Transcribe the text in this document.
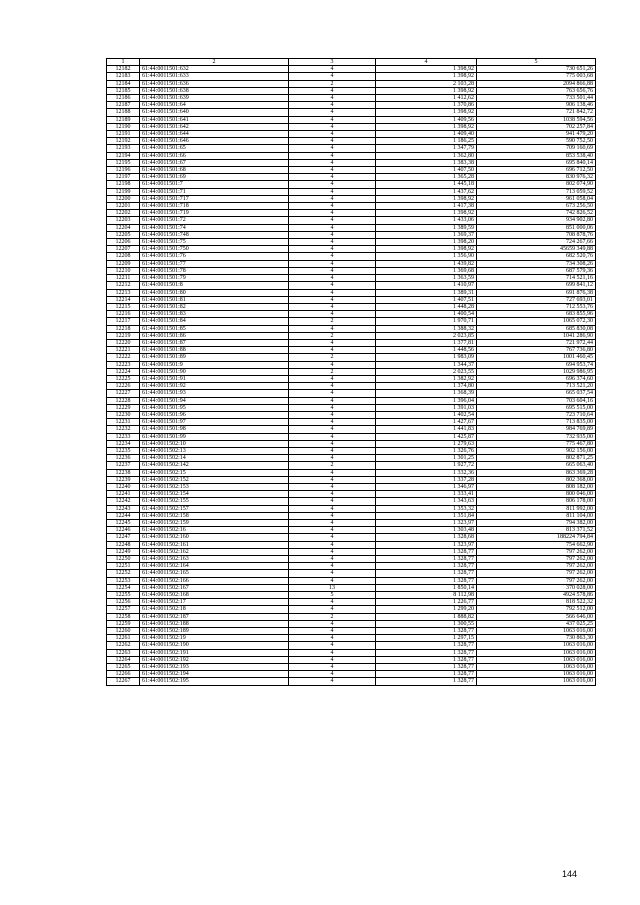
1	2	3	4	5
12182	61:44:0011501:632	4	1 398,92	730 651,26
12183	61:44:0011501:633	4	1 398,92	775 003,68
12184	61:44:0011501:636	2	2 103,28	2094 866,88
12185	61:44:0011501:638	4	1 398,92	763 656,76
12186	61:44:0011501:639	4	1 412,62	733 501,44
12187	61:44:0011501:64	4	1 370,86	906 138,46
12188	61:44:0011501:640	4	1 398,92	721 842,72
12189	61:44:0011501:641	4	1 409,56	1038 594,56
12190	61:44:0011501:642	4	1 398,92	702 257,84
12191	61:44:0011501:644	4	1 409,40	941 479,20
12192	61:44:0011501:646	4	1 186,25	590 752,50
12193	61:44:0011501:65	4	1 347,79	709 160,69
12194	61:44:0011501:66	4	1 362,80	853 538,40
12195	61:44:0011501:67	4	1 383,38	695 840,14
12196	61:44:0011501:68	4	1 407,50	696 712,50
12197	61:44:0011501:69	4	1 365,28	830 976,32
12198	61:44:0011501:7	4	1 445,18	802 074,90
12199	61:44:0011501:71	4	1 437,62	713 059,52
12200	61:44:0011501:717	4	1 398,92	961 058,04
12201	61:44:0011501:718	4	1 417,38	673 256,50
12202	61:44:0011501:719	4	1 398,92	742 826,52
12203	61:44:0011501:72	4	1 433,06	934 902,80
12204	61:44:0011501:74	4	1 389,59	851 000,06
12205	61:44:0011501:748	4	1 369,37	708 878,76
12206	61:44:0011501:75	4	1 398,20	724 267,66
12207	61:44:0011501:750	4	1 398,92	45659 349,88
12208	61:44:0011501:76	4	1 356,90	682 520,76
12209	61:44:0011501:77	4	1 439,82	734 308,26
12210	61:44:0011501:78	4	1 369,68	687 579,36
12211	61:44:0011501:79	4	1 363,59	714 521,16
12212	61:44:0011501:8	4	1 410,97	699 841,12
12213	61:44:0011501:80	4	1 389,31	691 876,38
12214	61:44:0011501:81	4	1 407,51	727 693,01
12215	61:44:0011501:82	4	1 448,28	712 553,76
12216	61:44:0011501:83	4	1 400,54	683 855,96
12217	61:44:0011501:84	2	1 970,71	1065 072,30
12218	61:44:0011501:85	4	1 388,32	685 830,08
12219	61:44:0011501:86	2	2 023,85	1041 286,90
12220	61:44:0011501:87	4	1 377,81	721 972,44
12221	61:44:0011501:88	4	1 448,56	767 736,80
12222	61:44:0011501:89	2	1 983,09	1001 460,45
12223	61:44:0011501:9	4	1 344,37	694 953,74
12224	61:44:0011501:90	2	2 023,55	1029 986,95
12225	61:44:0011501:91	4	1 382,92	696 374,60
12226	61:44:0011501:92	4	1 374,80	713 521,20
12227	61:44:0011501:93	4	1 368,39	665 037,54
12228	61:44:0011501:94	4	1 396,04	703 604,16
12229	61:44:0011501:95	4	1 391,03	695 515,00
12230	61:44:0011501:96	4	1 402,54	723 710,64
12231	61:44:0011501:97	4	1 427,67	713 835,00
12232	61:44:0011501:98	4	1 441,83	984 769,89
12233	61:44:0011501:99	4	1 425,87	732 935,00
12234	61:44:0011502:10	4	1 279,63	775 467,80
12235	61:44:0011502:13	4	1 326,76	902 156,00
12236	61:44:0011502:14	4	1 301,25	802 871,25
12237	61:44:0011502:142	2	1 927,72	665 063,40
12238	61:44:0011502:15	4	1 332,36	863 369,28
12239	61:44:0011502:152	4	1 337,28	802 368,00
12240	61:44:0011502:153	4	1 346,97	808 182,00
12241	61:44:0011502:154	4	1 333,41	800 046,00
12242	61:44:0011502:155	4	1 343,63	806 178,00
12243	61:44:0011502:157	4	1 353,32	811 992,00
12244	61:44:0011502:158	4	1 351,84	811 104,00
12245	61:44:0011502:159	4	1 323,97	794 382,00
12246	61:44:0011502:16	4	1 303,48	813 371,52
12247	61:44:0011502:160	4	1 328,68	188224 794,84
12248	61:44:0011502:161	4	1 323,97	754 662,90
12249	61:44:0011502:162	4	1 328,77	797 262,00
12250	61:44:0011502:163	4	1 328,77	797 262,00
12251	61:44:0011502:164	4	1 328,77	797 262,00
12252	61:44:0011502:165	4	1 328,77	797 262,00
12253	61:44:0011502:166	4	1 328,77	797 262,00
12254	61:44:0011502:167	13	1 850,14	370 028,00
12255	61:44:0011502:168	5	8 112,98	4924 578,86
12256	61:44:0011502:17	4	1 226,77	818 522,32
12257	61:44:0011502:18	4	1 299,20	792 512,00
12258	61:44:0011502:187	2	1 888,82	566 646,00
12259	61:44:0011502:188	4	1 300,55	437 025,25
12260	61:44:0011502:189	4	1 328,77	1063 016,00
12261	61:44:0011502:19	4	1 297,15	730 863,30
12262	61:44:0011502:190	4	1 328,77	1063 016,00
12263	61:44:0011502:191	4	1 328,77	1063 016,00
12264	61:44:0011502:192	4	1 328,77	1063 016,00
12265	61:44:0011502:193	4	1 328,77	1063 016,00
12266	61:44:0011502:194	4	1 328,77	1063 016,00
12267	61:44:0011502:195	4	1 328,77	1063 016,00
144
